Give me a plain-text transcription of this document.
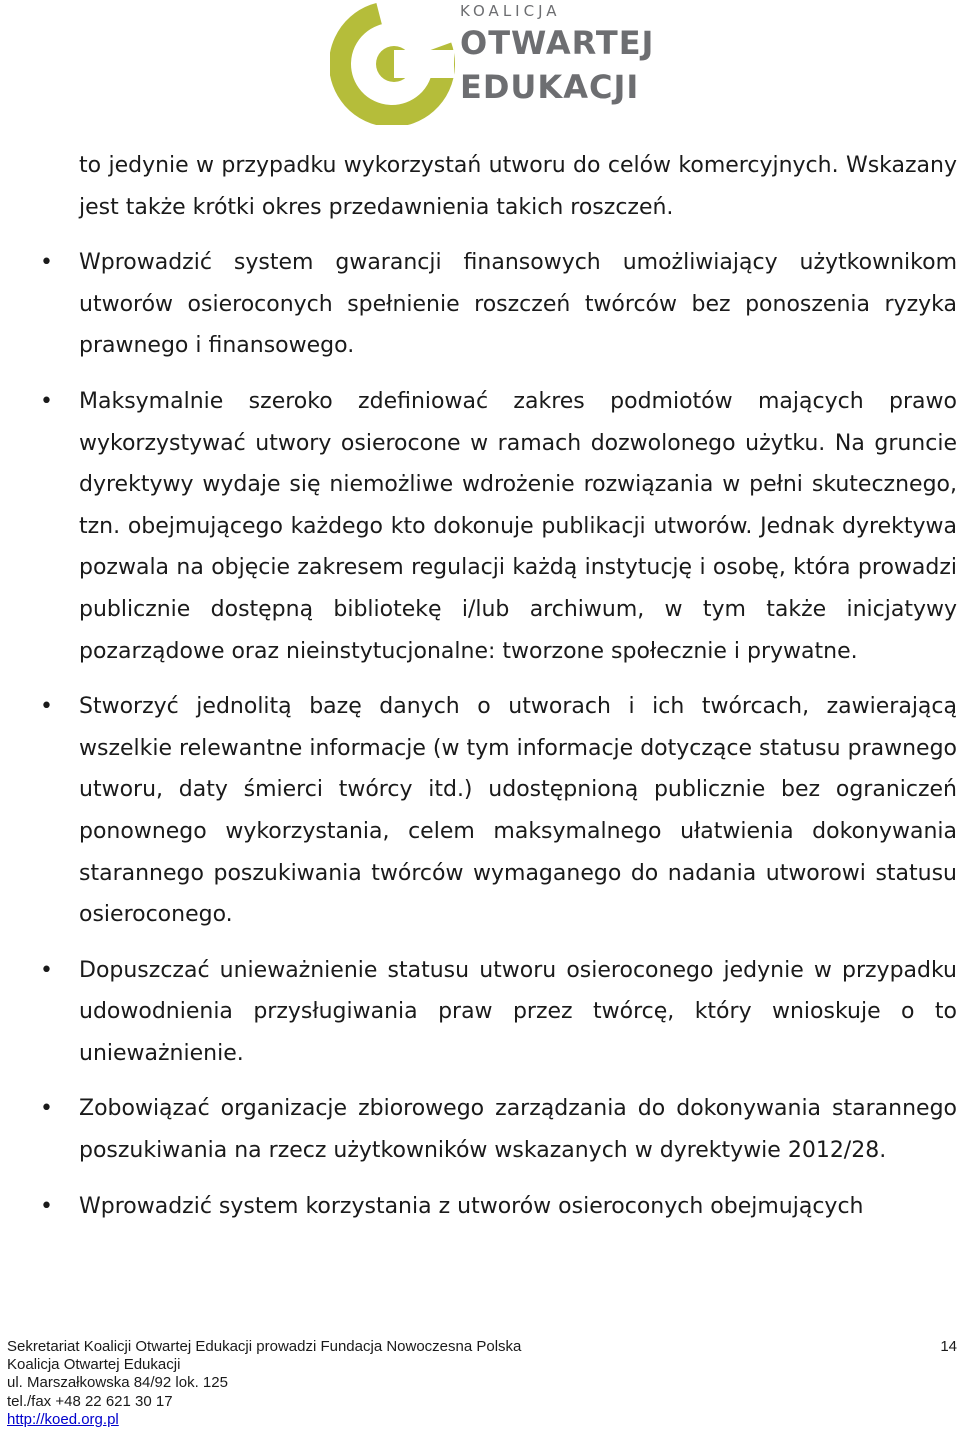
KOALICJA
OTWARTEJ
EDUKACJI

to jedynie w przypadku wykorzystań utworu do celów komercyjnych. Wskazany jest także krótki okres przedawnienia takich roszczeń.

• Wprowadzić system gwarancji finansowych umożliwiający użytkownikom utworów osieroconych spełnienie roszczeń twórców bez ponoszenia ryzyka prawnego i finansowego.
• Maksymalnie szeroko zdefiniować zakres podmiotów mających prawo wykorzystywać utwory osierocone w ramach dozwolonego użytku. Na gruncie dyrektywy wydaje się niemożliwe wdrożenie rozwiązania w pełni skutecznego, tzn. obejmującego każdego kto dokonuje publikacji utworów. Jednak dyrektywa pozwala na objęcie zakresem regulacji każdą instytucję i osobę, która prowadzi publicznie dostępną bibliotekę i/lub archiwum, w tym także inicjatywy pozarządowe oraz nieinstytucjonalne: tworzone społecznie i prywatne.
• Stworzyć jednolitą bazę danych o utworach i ich twórcach, zawierającą wszelkie relewantne informacje (w tym informacje dotyczące statusu prawnego utworu, daty śmierci twórcy itd.) udostępnioną publicznie bez ograniczeń ponownego wykorzystania, celem maksymalnego ułatwienia dokonywania starannego poszukiwania twórców wymaganego do nadania utworowi statusu osieroconego.
• Dopuszczać unieważnienie statusu utworu osieroconego jedynie w przypadku udowodnienia przysługiwania praw przez twórcę, który wnioskuje o to unieważnienie.
• Zobowiązać organizacje zbiorowego zarządzania do dokonywania starannego poszukiwania na rzecz użytkowników wskazanych w dyrektywie 2012/28.
• Wprowadzić system korzystania z utworów osieroconych obejmujących
Sekretariat Koalicji Otwartej Edukacji prowadzi Fundacja Nowoczesna Polska
Koalicja Otwartej Edukacji
ul. Marszałkowska 84/92 lok. 125
tel./fax +48 22 621 30 17
http://koed.org.pl
14
